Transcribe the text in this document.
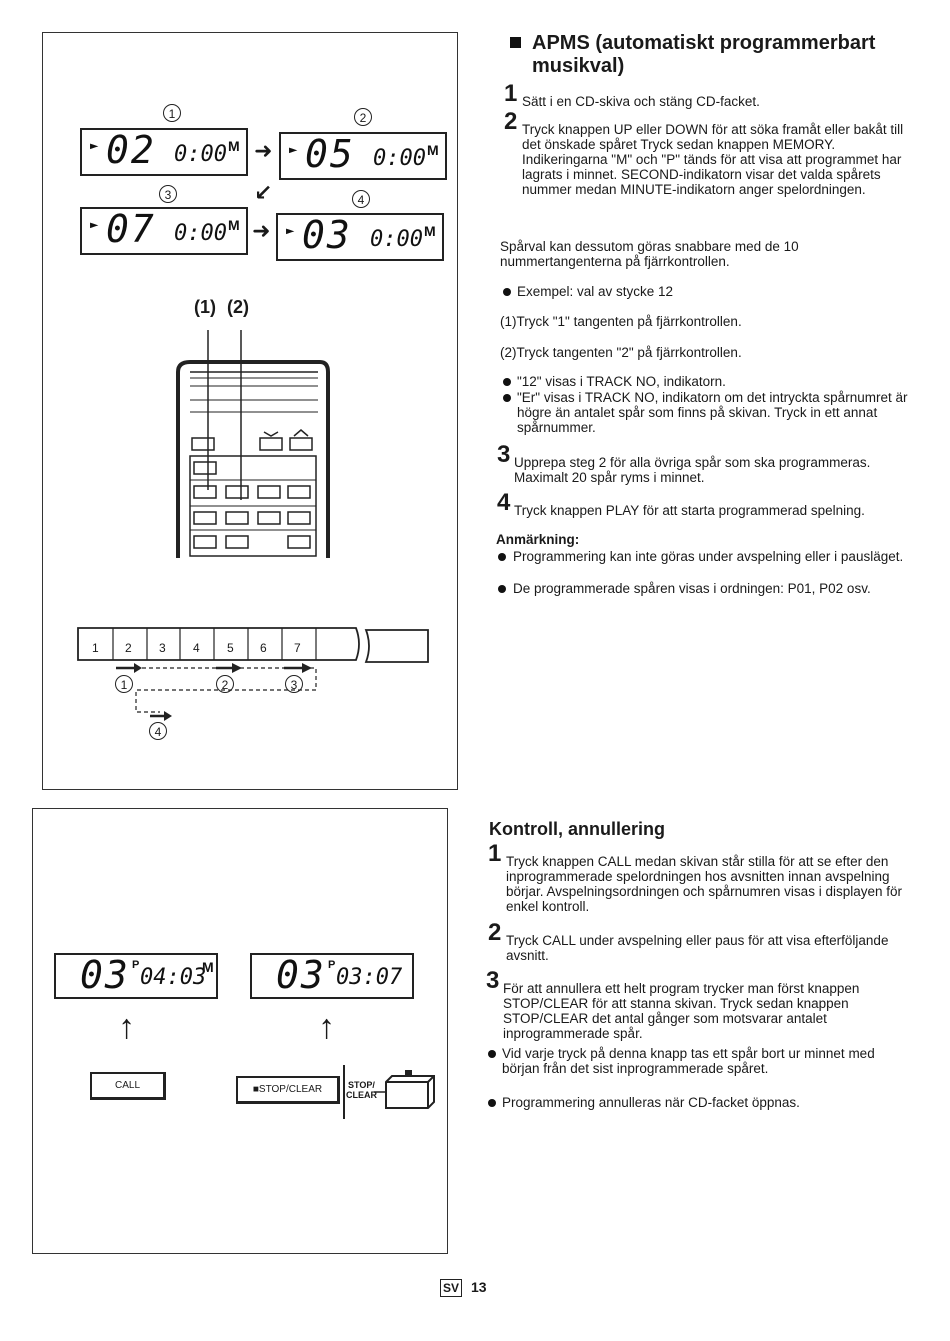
1
► 02 0:00 M ➜
2
► 05 0:00 M
↙
3
► 07 0:00 M ➜
4
► 03 0:00 M
(1) (2)
1 2 3 4 5 6 7
1	2	3
4
APMS (automatiskt programmerbart musikval)
1 Sätt i en CD-skiva och stäng CD-facket.
2 Tryck knappen UP eller DOWN för att söka framåt eller bakåt till det önskade spåret Tryck sedan knappen MEMORY. Indikeringarna "M" och "P" tänds för att visa att programmet har lagrats i minnet. SECOND-indikatorn visar det valda spårets nummer medan MINUTE-indikatorn anger spelordningen.
Spårval kan dessutom göras snabbare med de 10 nummertangenterna på fjärrkontrollen.
Exempel: val av stycke 12
(1)Tryck "1" tangenten på fjärrkontrollen.
(2)Tryck tangenten "2" på fjärrkontrollen.
"12" visas i TRACK NO, indikatorn.
"Er" visas i TRACK NO, indikatorn om det intryckta spårnumret är högre än antalet spår som finns på skivan. Tryck in ett annat spårnummer.
3 Upprepa steg 2 för alla övriga spår som ska programmeras. Maximalt 20 spår ryms i minnet.
4 Tryck knappen PLAY för att starta programmerad spelning.
Anmärkning:
Programmering kan inte göras under avspelning eller i pausläget.
De programmerade spåren visas i ordningen: P01, P02 osv.
03 P 04:03
M 03 P 03:07
↑	↑
CALL	■STOP/CLEAR	STOP/
CLEAR
Kontroll, annullering
1 Tryck knappen CALL medan skivan står stilla för att se efter den inprogrammerade spelordningen hos avsnitten innan avspelning börjar. Avspelningsordningen och spårnumren visas i displayen för enkel kontroll.
2 Tryck CALL under avspelning eller paus för att visa efterföljande avsnitt.
3 För att annullera ett helt program trycker man först knappen STOP/CLEAR för att stanna skivan. Tryck sedan knappen STOP/CLEAR det antal gånger som motsvarar antalet inprogrammerade spår.
Vid varje tryck på denna knapp tas ett spår bort ur minnet med början från det sist inprogrammerade spåret.
Programmering annulleras när CD-facket öppnas.
SV 13
